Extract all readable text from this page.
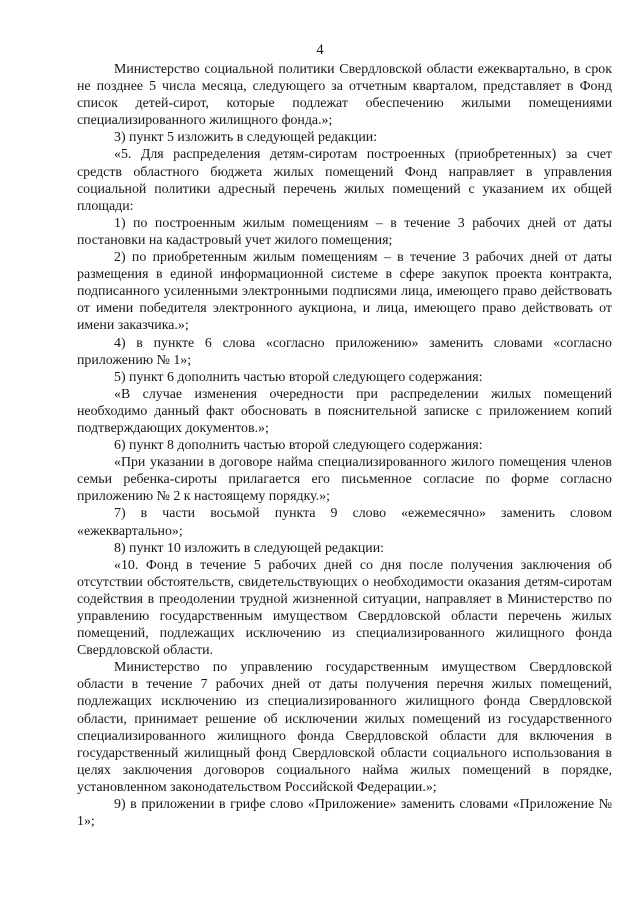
4

Министерство социальной политики Свердловской области ежеквартально, в срок не позднее 5 числа месяца, следующего за отчетным кварталом, представляет в Фонд список детей-сирот, которые подлежат обеспечению жилыми помещениями специализированного жилищного фонда.»;

3) пункт 5 изложить в следующей редакции:

«5. Для распределения детям-сиротам построенных (приобретенных) за счет средств областного бюджета жилых помещений Фонд направляет в управления социальной политики адресный перечень жилых помещений с указанием их общей площади:

1) по построенным жилым помещениям – в течение 3 рабочих дней от даты постановки на кадастровый учет жилого помещения;

2) по приобретенным жилым помещениям – в течение 3 рабочих дней от даты размещения в единой информационной системе в сфере закупок проекта контракта, подписанного усиленными электронными подписями лица, имеющего право действовать от имени победителя электронного аукциона, и лица, имеющего право действовать от имени заказчика.»;

4) в пункте 6 слова «согласно приложению» заменить словами «согласно приложению № 1»;

5) пункт 6 дополнить частью второй следующего содержания:

«В случае изменения очередности при распределении жилых помещений необходимо данный факт обосновать в пояснительной записке с приложением копий подтверждающих документов.»;

6) пункт 8 дополнить частью второй следующего содержания:

«При указании в договоре найма специализированного жилого помещения членов семьи ребенка-сироты прилагается его письменное согласие по форме согласно приложению № 2 к настоящему порядку.»;

7) в части восьмой пункта 9 слово «ежемесячно» заменить словом «ежеквартально»;

8) пункт 10 изложить в следующей редакции:

«10. Фонд в течение 5 рабочих дней со дня после получения заключения об отсутствии обстоятельств, свидетельствующих о необходимости оказания детям-сиротам содействия в преодолении трудной жизненной ситуации, направляет в Министерство по управлению государственным имуществом Свердловской области перечень жилых помещений, подлежащих исключению из специализированного жилищного фонда Свердловской области.

Министерство по управлению государственным имуществом Свердловской области в течение 7 рабочих дней от даты получения перечня жилых помещений, подлежащих исключению из специализированного жилищного фонда Свердловской области, принимает решение об исключении жилых помещений из государственного специализированного жилищного фонда Свердловской области для включения в государственный жилищный фонд Свердловской области социального использования в целях заключения договоров социального найма жилых помещений в порядке, установленном законодательством Российской Федерации.»;

9) в приложении в грифе слово «Приложение» заменить словами «Приложение № 1»;
